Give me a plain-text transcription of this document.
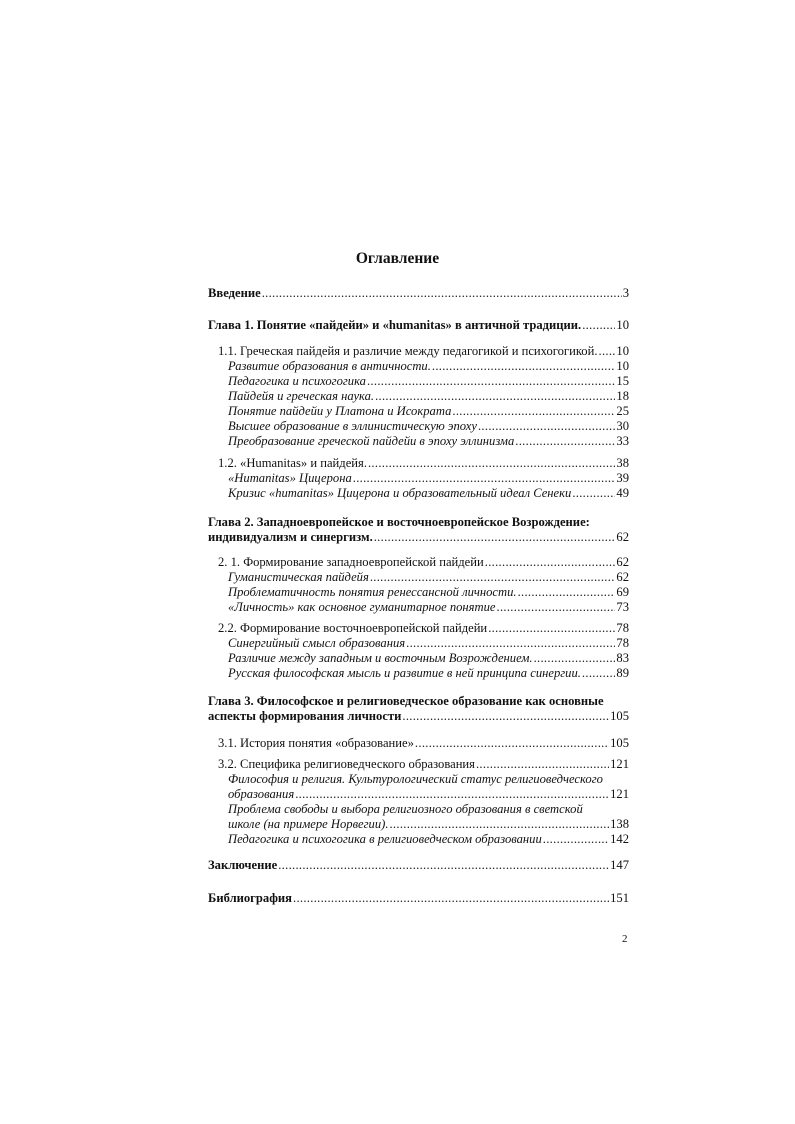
Оглавление
Введение .....	3
Глава 1. Понятие «пайдейи» и «humanitas» в античной традиции. .....	10
1.1. Греческая пайдейя и различие между педагогикой и психогогикой. ..... 10
Развитие образования в античности. .....	10
Педагогика и психогогика .....	15
Пайдейя и греческая наука. .....	18
Понятие пайдейи у Платона и Исократа .....	25
Высшее образование в эллинистическую эпоху .....	30
Преобразование греческой пайдейи в эпоху эллинизма .....	33
1.2. «Humanitas» и пайдейя. .....	38
«Humanitas» Цицерона .....	39
Кризис «humanitas» Цицерона и образовательный идеал Сенеки .....	49
Глава 2. Западноевропейское и восточноевропейское Возрождение:
индивидуализм и синергизм. .....	62
2. 1. Формирование западноевропейской пайдейи .....	62
Гуманистическая пайдейя .....	62
Проблематичность понятия ренессансной личности. .....	69
«Личность» как основное гуманитарное понятие .....	73
2.2. Формирование восточноевропейской пайдейи .....	78
Синергийный смысл образования .....	78
Различие между западным и восточным Возрождением. .....	83
Русская философская мысль и развитие в ней принципа синергии. .....	89
Глава 3. Философское и религиоведческое образование как основные
аспекты формирования личности .....	105
3.1. История понятия «образование» .....	105
3.2. Специфика религиоведческого образования .....	121
Философия и религия. Культурологический статус религиоведческого
образования .....	121
Проблема свободы и выбора религиозного образования в светской
школе (на примере Норвегии). .....	138
Педагогика и психогогика в религиоведческом образовании .....	142
Заключение .....	147
Библиография .....	151
2
